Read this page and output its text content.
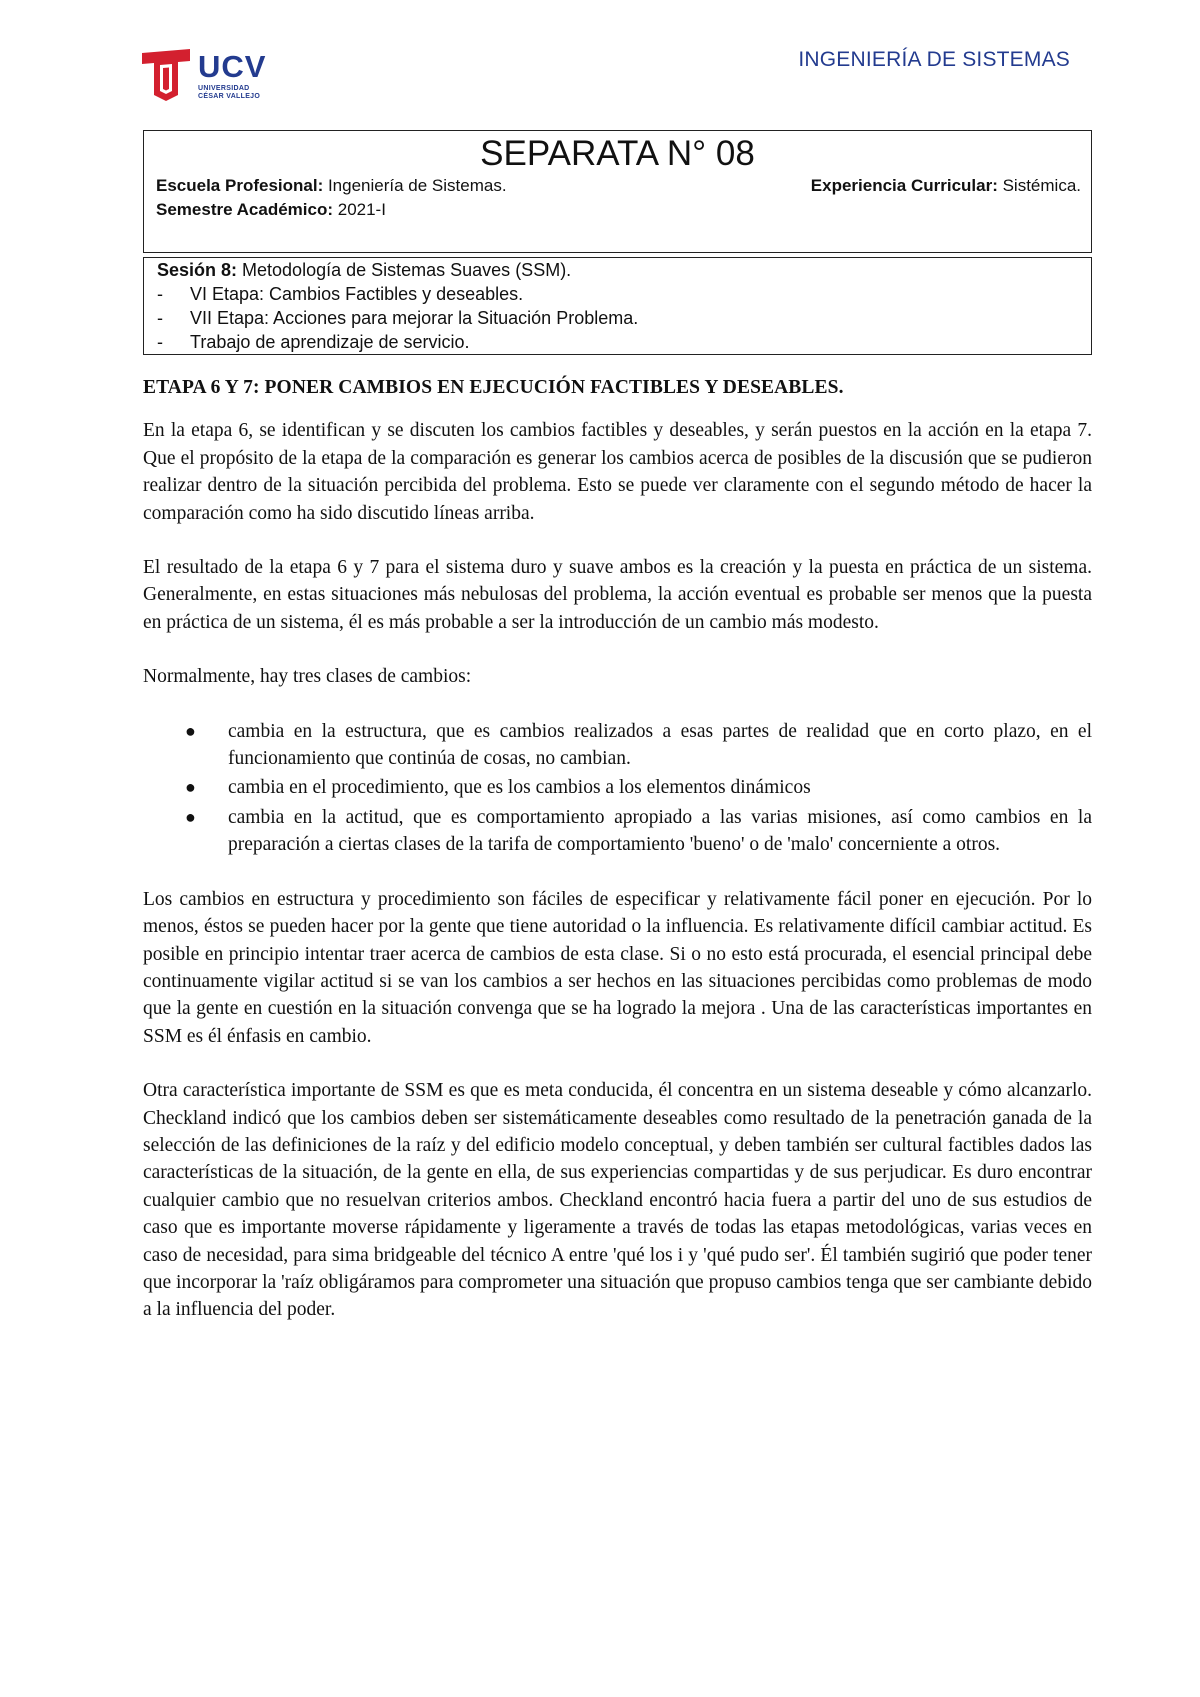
UCV
UNIVERSIDAD
CÉSAR VALLEJO
INGENIERÍA DE SISTEMAS
SEPARATA N° 08
Escuela Profesional: Ingeniería de Sistemas.	Experiencia Curricular: Sistémica.
Semestre Académico: 2021-I
Sesión 8: Metodología de Sistemas Suaves (SSM).
-	VI Etapa: Cambios Factibles y deseables.
-	VII Etapa: Acciones para mejorar la Situación Problema.
-	Trabajo de aprendizaje de servicio.
ETAPA 6 Y 7: PONER CAMBIOS EN EJECUCIÓN FACTIBLES Y DESEABLES.

En la etapa 6, se identifican y se discuten los cambios factibles y deseables, y serán puestos en la acción en la etapa 7. Que el propósito de la etapa de la comparación es generar los cambios acerca de posibles de la discusión que se pudieron realizar dentro de la situación percibida del problema. Esto se puede ver claramente con el segundo método de hacer la comparación como ha sido discutido líneas arriba.

El resultado de la etapa 6 y 7 para el sistema duro y suave ambos es la creación y la puesta en práctica de un sistema. Generalmente, en estas situaciones más nebulosas del problema, la acción eventual es probable ser menos que la puesta en práctica de un sistema, él es más probable a ser la introducción de un cambio más modesto.

Normalmente, hay tres clases de cambios:

●	cambia en la estructura, que es cambios realizados a esas partes de realidad que en corto plazo, en el funcionamiento que continúa de cosas, no cambian.
●	cambia en el procedimiento, que es los cambios a los elementos dinámicos
●	cambia en la actitud, que es comportamiento apropiado a las varias misiones, así como cambios en la preparación a ciertas clases de la tarifa de comportamiento 'bueno' o de 'malo' concerniente a otros.

Los cambios en estructura y procedimiento son fáciles de especificar y relativamente fácil poner en ejecución. Por lo menos, éstos se pueden hacer por la gente que tiene autoridad o la influencia. Es relativamente difícil cambiar actitud. Es posible en principio intentar traer acerca de cambios de esta clase. Si o no esto está procurada, el esencial principal debe continuamente vigilar actitud si se van los cambios a ser hechos en las situaciones percibidas como problemas de modo que la gente en cuestión en la situación convenga que se ha logrado la mejora . Una de las características importantes en SSM es él énfasis en cambio.

Otra característica importante de SSM es que es meta conducida, él concentra en un sistema deseable y cómo alcanzarlo. Checkland indicó que los cambios deben ser sistemáticamente deseables como resultado de la penetración ganada de la selección de las definiciones de la raíz y del edificio modelo conceptual, y deben también ser cultural factibles dados las características de la situación, de la gente en ella, de sus experiencias compartidas y de sus perjudicar. Es duro encontrar cualquier cambio que no resuelvan criterios ambos. Checkland encontró hacia fuera a partir del uno de sus estudios de caso que es importante moverse rápidamente y ligeramente a través de todas las etapas metodológicas, varias veces en caso de necesidad, para sima bridgeable del técnico A entre 'qué los i y 'qué pudo ser'. Él también sugirió que poder tener que incorporar la 'raíz obligáramos para comprometer una situación que propuso cambios tenga que ser cambiante debido a la influencia del poder.
